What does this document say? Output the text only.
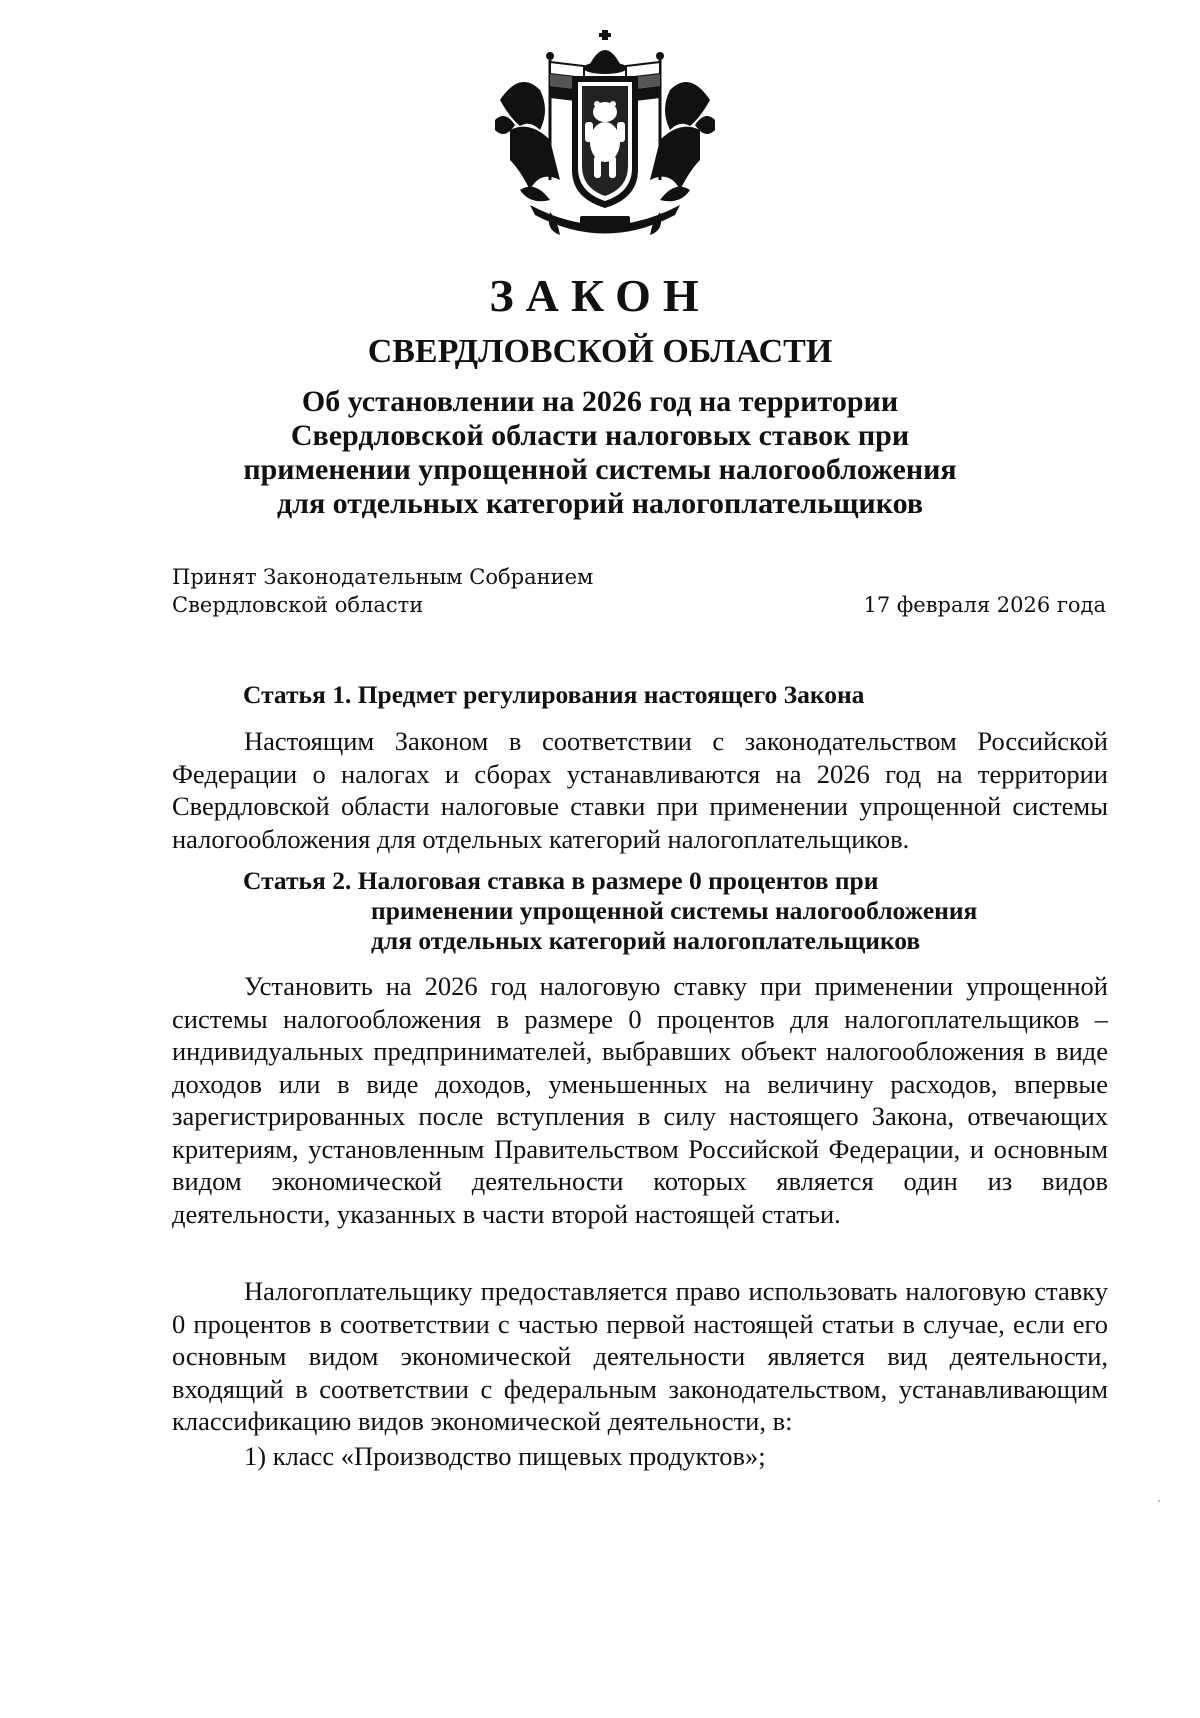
ЗАКОН
СВЕРДЛОВСКОЙ ОБЛАСТИ
Об установлении на 2026 год на территории
Свердловской области налоговых ставок при
применении упрощенной системы налогообложения
для отдельных категорий налогоплательщиков
Принят Законодательным Собранием
Свердловской области	17 февраля 2026 года
Статья 1. Предмет регулирования настоящего Закона

Настоящим Законом в соответствии с законодательством Российской Федерации о налогах и сборах устанавливаются на 2026 год на территории Свердловской области налоговые ставки при применении упрощенной системы налогообложения для отдельных категорий налогоплательщиков.

Статья 2. Налоговая ставка в размере 0 процентов при
применении упрощенной системы налогообложения
для отдельных категорий налогоплательщиков

Установить на 2026 год налоговую ставку при применении упрощенной системы налогообложения в размере 0 процентов для налогоплательщиков – индивидуальных предпринимателей, выбравших объект налогообложения в виде доходов или в виде доходов, уменьшенных на величину расходов, впервые зарегистрированных после вступления в силу настоящего Закона, отвечающих критериям, установленным Правительством Российской Федерации, и основным видом экономической деятельности которых является один из видов деятельности, указанных в части второй настоящей статьи.

Налогоплательщику предоставляется право использовать налоговую ставку 0 процентов в соответствии с частью первой настоящей статьи в случае, если его основным видом экономической деятельности является вид деятельности, входящий в соответствии с федеральным законодательством, устанавливающим классификацию видов экономической деятельности, в:

1) класс «Производство пищевых продуктов»;
